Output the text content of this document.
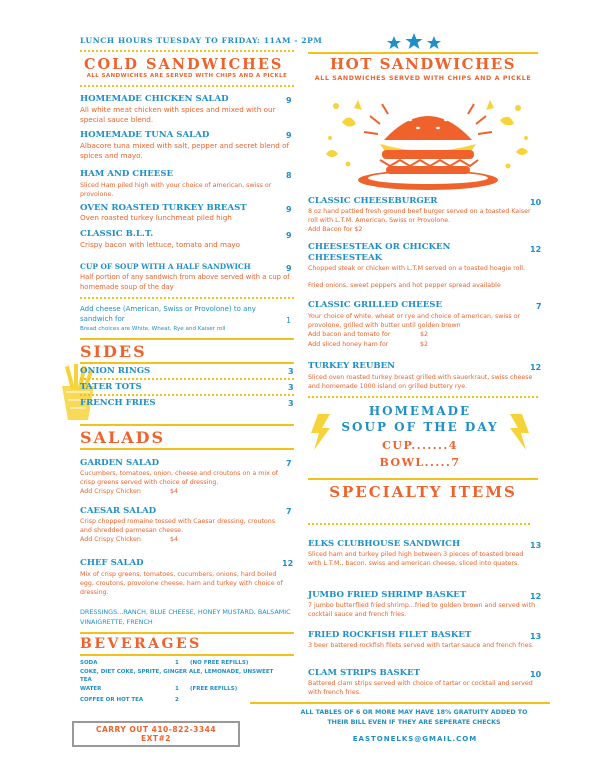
LUNCH HOURS TUESDAY TO FRIDAY: 11AM - 2PM
COLD SANDWICHES
ALL SANDWICHES ARE SERVED WITH CHIPS AND A PICKLE
HOMEMADE CHICKEN SALAD	9
All white meat chicken with spices and mixed with our special sauce blend.
HOMEMADE TUNA SALAD	9
Albacore tuna mixed with salt, pepper and secret blend of spices and mayo.
HAM AND CHEESE	8
Sliced Ham piled high with your choice of american, swiss or provolone.
OVEN ROASTED TURKEY BREAST	9
Oven roasted turkey lunchmeat piled high
CLASSIC B.L.T.	9
Crispy bacon with lettuce, tomato and mayo
CUP OF SOUP WITH A HALF SANDWICH	9
Half portion of any sandwich from above served with a cup of homemade soup of the day
Add cheese (American, Swiss or Provolone) to any sandwich for	1
Bread choices are White, Wheat, Rye and Kaiser roll
SIDES
ONION RINGS	3
TATER TOTS	3
FRENCH FRIES	3
SALADS
GARDEN SALAD	7
Cucumbers, tomatoes, onion, cheese and croutons on a mix of crisp greens served with choice of dressing.
Add Crispy Chicken	$4
CAESAR SALAD	7
Crisp chopped romaine tossed with Caesar dressing, croutons and shredded parmesan cheese.
Add Crispy Chicken	$4
CHEF SALAD	12
Mix of crisp greens, tomatoes, cucumbers, onions, hard boiled egg, croutons, provolone cheese, ham and turkey with choice of dressing.
DRESSINGS...RANCH, BLUE CHEESE, HONEY MUSTARD, BALSAMIC VINAIGRETTE, FRENCH
BEVERAGES
SODA	1 (NO FREE REFILLS)
COKE, DIET COKE, SPRITE, GINGER ALE, LEMONADE, UNSWEET TEA
WATER	1 (FREE REFILLS)
COFFEE OR HOT TEA	2
CARRY OUT 410-822-3344
EXT#2
HOT SANDWICHES
ALL SANDWICHES SERVED WITH CHIPS AND A PICKLE
CLASSIC CHEESEBURGER	10
8 oz hand pattied fresh ground beef burger served on a toasted Kaiser roll with L.T.M. American, Swiss or Provolone.
Add Bacon for $2
CHEESESTEAK OR CHICKEN CHEESESTEAK
12
Chopped steak or chicken with L.T.M served on a toasted hoagie roll.
Fried onions, sweet peppers and hot pepper spread available
CLASSIC GRILLED CHEESE	7
Your choice of white, wheat or rye and choice of american, swiss or provolone, grilled with butter until golden brown
Add bacon and tomato for	$2
Add sliced honey ham for	$2
TURKEY REUBEN	12
Sliced oven roasted turkey breast grilled with sauerkraut, swiss cheese and homemade 1000 island on grilled buttery rye.
HOMEMADE
SOUP OF THE DAY
CUP.......4
BOWL.....7
SPECIALTY ITEMS
ELKS CLUBHOUSE SANDWICH	13
Sliced ham and turkey piled high between 3 pieces of toasted bread with L.T.M., bacon, swiss and american cheese, sliced into quaters.
JUMBO FRIED SHRIMP BASKET	12
7 jumbo butterflied fried shrimp...fried to golden brown and served with cocktail sauce and french fries.
FRIED ROCKFISH FILET BASKET	13
3 beer battered rockfish filets served with tartar sauce and french fries.
CLAM STRIPS BASKET	10
Battered clam strips served with choice of tartar or cocktail and served with french fries.
ALL TABLES OF 6 OR MORE MAY HAVE 18% GRATUITY ADDED TO THEIR BILL EVEN IF THEY ARE SEPERATE CHECKS
EASTONELKS@GMAIL.COM
